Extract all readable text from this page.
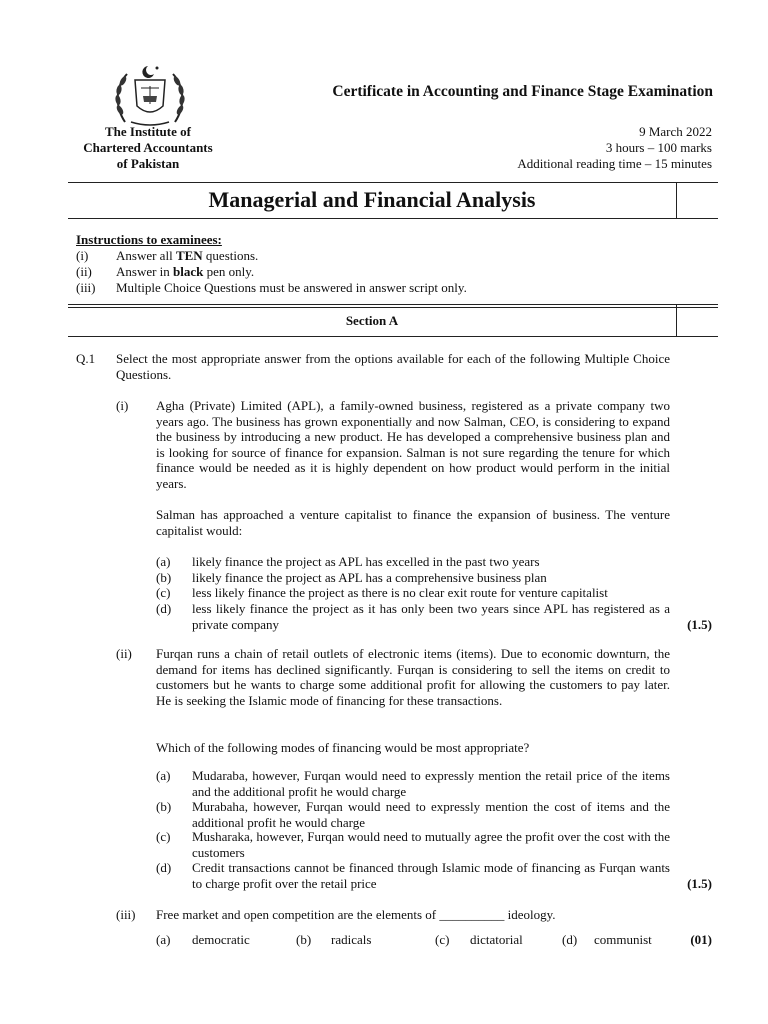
Certificate in Accounting and Finance Stage Examination
The Institute of
Chartered Accountants
of Pakistan
9 March 2022
3 hours – 100 marks
Additional reading time – 15 minutes
Managerial and Financial Analysis
Instructions to examinees:
(i) Answer all TEN questions.
(ii) Answer in black pen only.
(iii) Multiple Choice Questions must be answered in answer script only.
Section A
Q.1 Select the most appropriate answer from the options available for each of the following Multiple Choice Questions.
(i) Agha (Private) Limited (APL), a family-owned business, registered as a private company two years ago. The business has grown exponentially and now Salman, CEO, is considering to expand the business by introducing a new product. He has developed a comprehensive business plan and is looking for source of finance for expansion. Salman is not sure regarding the tenure for which finance would be needed as it is highly dependent on how product would perform in the initial years.
Salman has approached a venture capitalist to finance the expansion of business. The venture capitalist would:
(a) likely finance the project as APL has excelled in the past two years
(b) likely finance the project as APL has a comprehensive business plan
(c) less likely finance the project as there is no clear exit route for venture capitalist
(d) less likely finance the project as it has only been two years since APL has registered as a private company	(1.5)
(ii) Furqan runs a chain of retail outlets of electronic items (items). Due to economic downturn, the demand for items has declined significantly. Furqan is considering to sell the items on credit to customers but he wants to charge some additional profit for allowing the customers to pay later. He is seeking the Islamic mode of financing for these transactions.
Which of the following modes of financing would be most appropriate?
(a) Mudaraba, however, Furqan would need to expressly mention the retail price of the items and the additional profit he would charge
(b) Murabaha, however, Furqan would need to expressly mention the cost of items and the additional profit he would charge
(c) Musharaka, however, Furqan would need to mutually agree the profit over the cost with the customers
(d) Credit transactions cannot be financed through Islamic mode of financing as Furqan wants to charge profit over the retail price	(1.5)
(iii) Free market and open competition are the elements of __________ ideology.
(a) democratic	(b) radicals	(c) dictatorial	(d) communist	(01)
